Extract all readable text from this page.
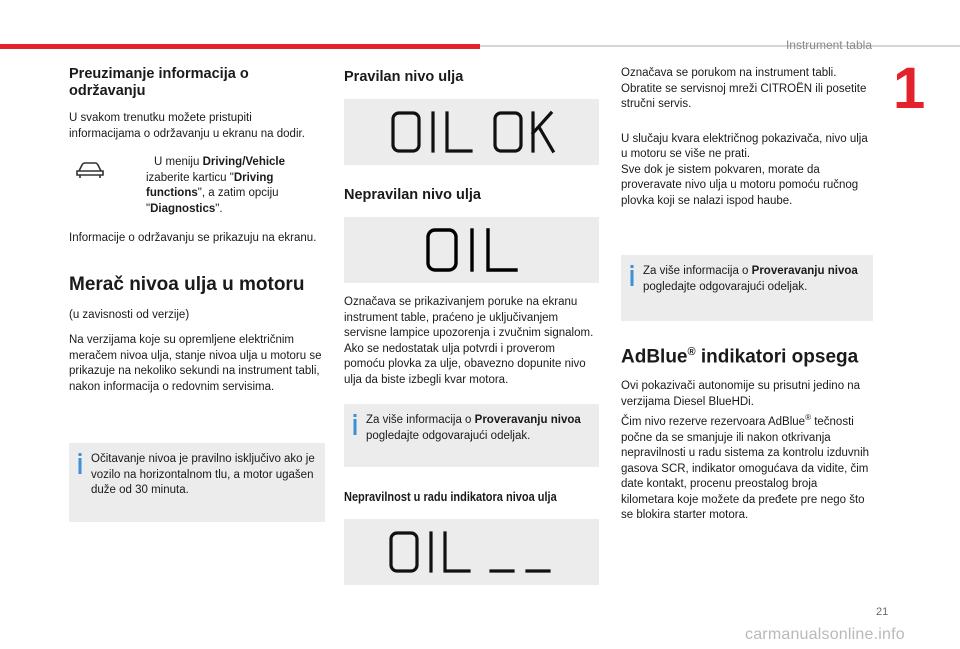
Instrument tabla
1
Preuzimanje informacija o održavanju

U svakom trenutku možete pristupiti informacijama o održavanju u ekranu na dodir.

U meniju Driving/Vehicle izaberite karticu "Driving functions", a zatim opciju "Diagnostics".

Informacije o održavanju se prikazuju na ekranu.

Merač nivoa ulja u motoru

(u zavisnosti od verzije)

Na verzijama koje su opremljene električnim meračem nivoa ulja, stanje nivoa ulja u motoru se prikazuje na nekoliko sekundi na instrument tabli, nakon informacija o redovnim servisima.

Očitavanje nivoa je pravilno isključivo ako je vozilo na horizontalnom tlu, a motor ugašen duže od 30 minuta.

Pravilan nivo ulja
Nepravilan nivo ulja

Označava se prikazivanjem poruke na ekranu instrument table, praćeno je uključivanjem servisne lampice upozorenja i zvučnim signalom.

Ako se nedostatak ulja potvrdi i proverom pomoću plovka za ulje, obavezno dopunite nivo ulja da biste izbegli kvar motora.

Za više informacija o Proveravanju nivoa pogledajte odgovarajući odeljak.

Nepravilnost u radu indikatora nivoa ulja

Označava se porukom na instrument tabli. Obratite se servisnoj mreži CITROËN ili posetite stručni servis.

U slučaju kvara električnog pokazivača, nivo ulja u motoru se više ne prati.

Sve dok je sistem pokvaren, morate da proveravate nivo ulja u motoru pomoću ručnog plovka koji se nalazi ispod haube.

Za više informacija o Proveravanju nivoa pogledajte odgovarajući odeljak.

AdBlue® indikatori opsega

Ovi pokazivači autonomije su prisutni jedino na verzijama Diesel BlueHDi.

Čim nivo rezerve rezervoara AdBlue® tečnosti počne da se smanjuje ili nakon otkrivanja nepravilnosti u radu sistema za kontrolu izduvnih gasova SCR, indikator omogućava da vidite, čim date kontakt, procenu preostalog broja kilometara koje možete da pređete pre nego što se blokira starter motora.

21
carmanualsonline.info
